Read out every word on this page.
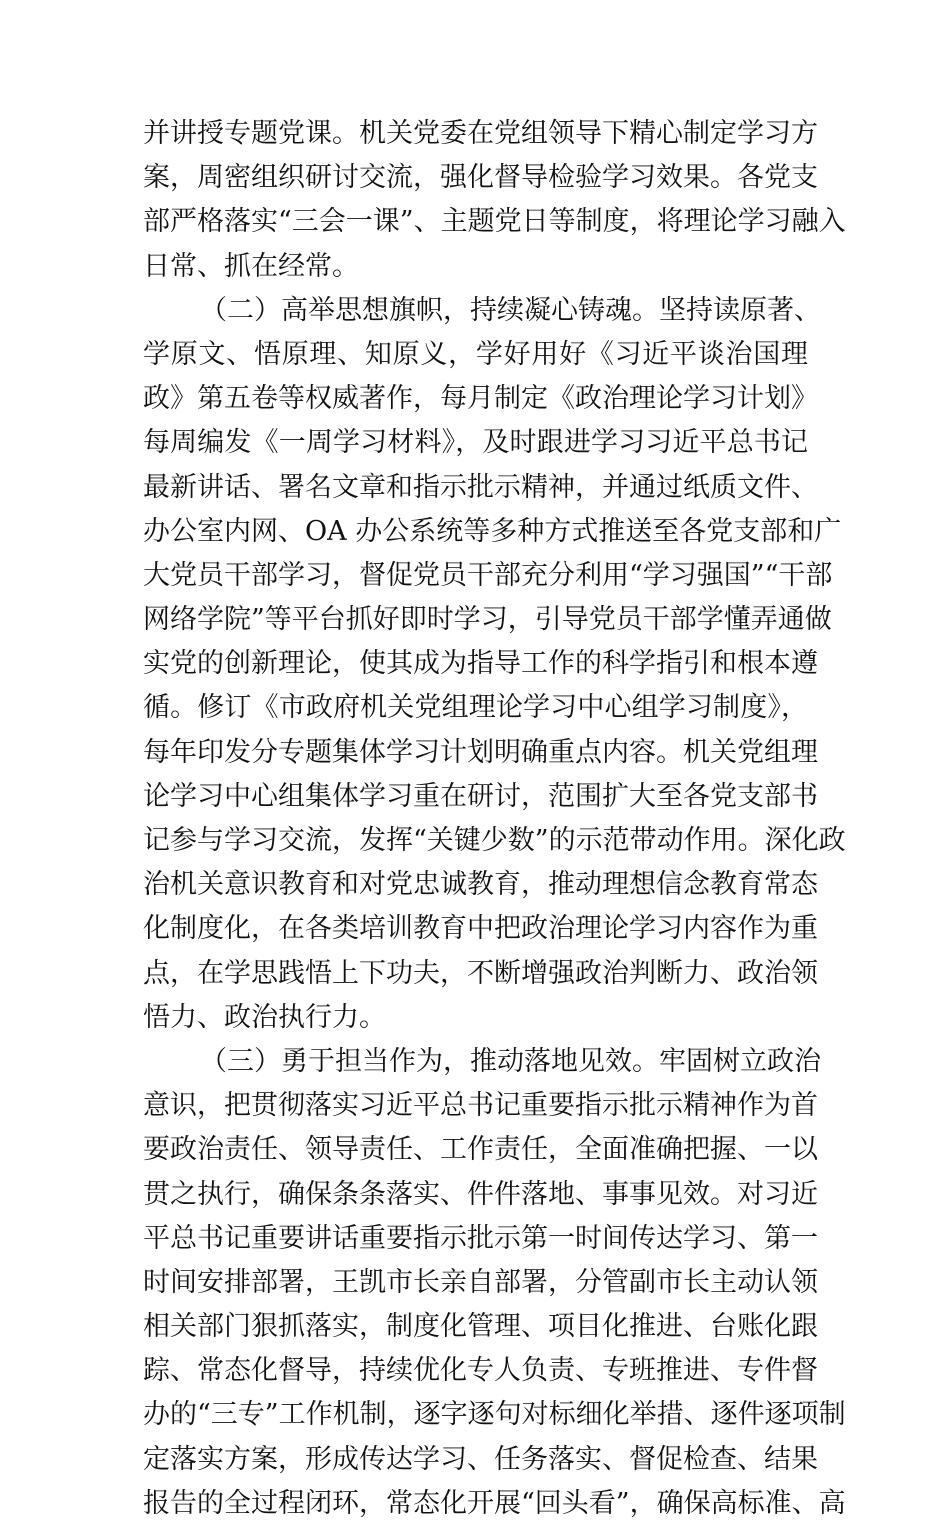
并讲授专题党课。机关党委在党组领导下精心制定学习方
案，周密组织研讨交流，强化督导检验学习效果。各党支
部严格落实“三会一课”、主题党日等制度，将理论学习融入
日常、抓在经常。
（二）高举思想旗帜，持续凝心铸魂。坚持读原著、
学原文、悟原理、知原义，学好用好《习近平谈治国理
政》第五卷等权威著作，每月制定《政治理论学习计划》
每周编发《一周学习材料》，及时跟进学习习近平总书记
最新讲话、署名文章和指示批示精神，并通过纸质文件、
办公室内网、OA 办公系统等多种方式推送至各党支部和广
大党员干部学习，督促党员干部充分利用“学习强国”“干部
网络学院”等平台抓好即时学习，引导党员干部学懂弄通做
实党的创新理论，使其成为指导工作的科学指引和根本遵
循。修订《市政府机关党组理论学习中心组学习制度》，
每年印发分专题集体学习计划明确重点内容。机关党组理
论学习中心组集体学习重在研讨，范围扩大至各党支部书
记参与学习交流，发挥“关键少数”的示范带动作用。深化政
治机关意识教育和对党忠诚教育，推动理想信念教育常态
化制度化，在各类培训教育中把政治理论学习内容作为重
点，在学思践悟上下功夫，不断增强政治判断力、政治领
悟力、政治执行力。
（三）勇于担当作为，推动落地见效。牢固树立政治
意识，把贯彻落实习近平总书记重要指示批示精神作为首
要政治责任、领导责任、工作责任，全面准确把握、一以
贯之执行，确保条条落实、件件落地、事事见效。对习近
平总书记重要讲话重要指示批示第一时间传达学习、第一
时间安排部署，王凯市长亲自部署，分管副市长主动认领
相关部门狠抓落实，制度化管理、项目化推进、台账化跟
踪、常态化督导，持续优化专人负责、专班推进、专件督
办的“三专”工作机制，逐字逐句对标细化举措、逐件逐项制
定落实方案，形成传达学习、任务落实、督促检查、结果
报告的全过程闭环，常态化开展“回头看”，确保高标准、高
